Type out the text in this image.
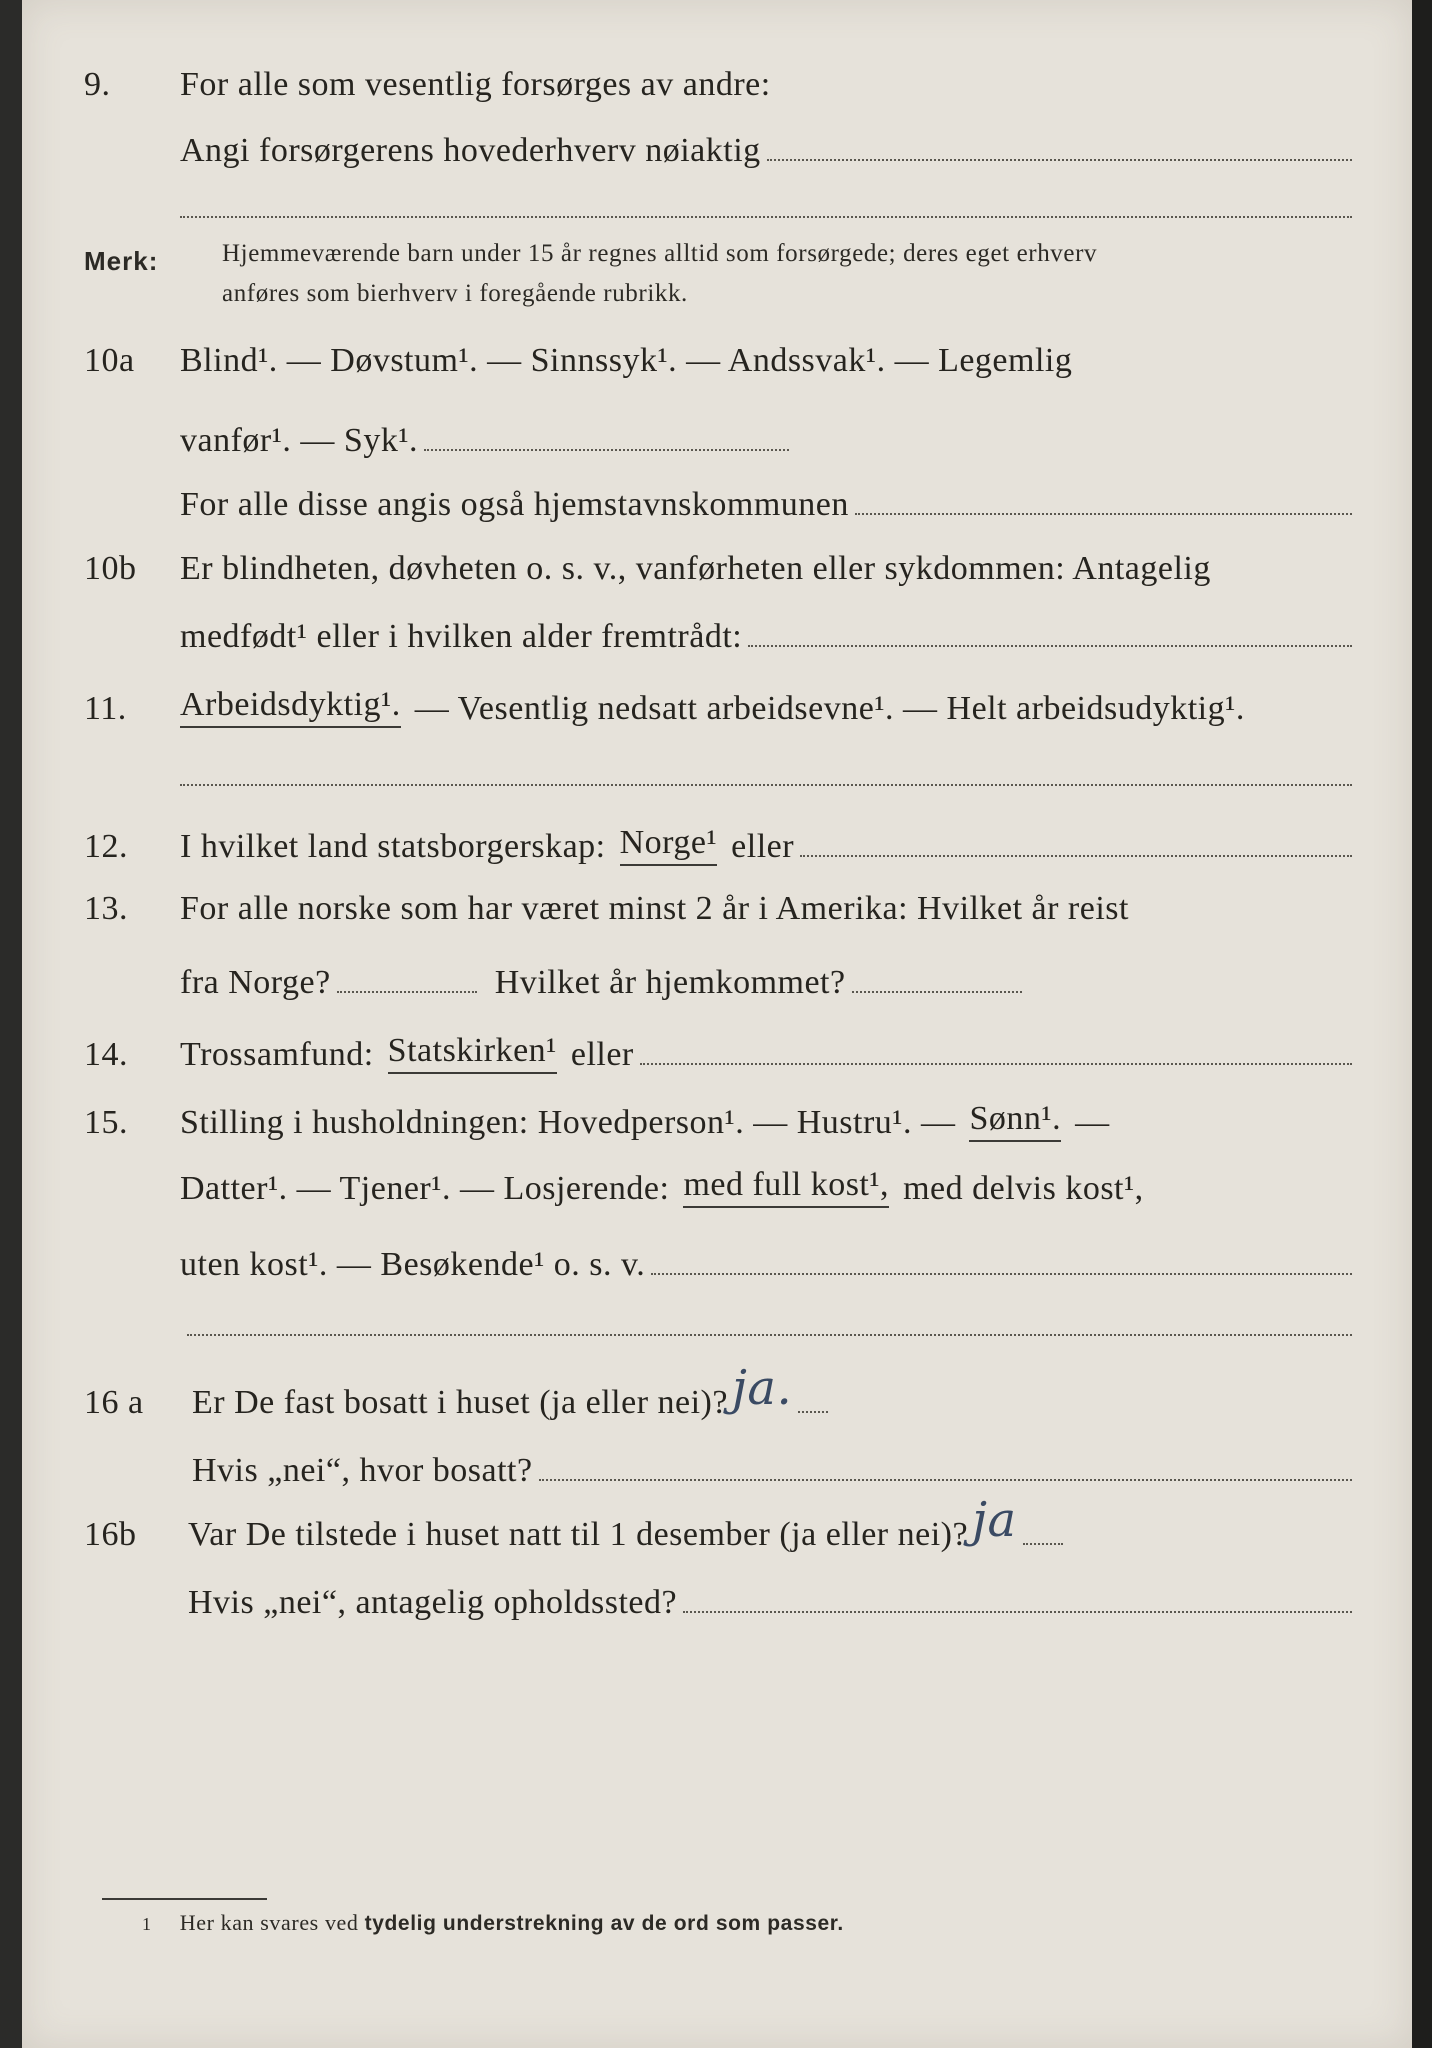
9.	For alle som vesentlig forsørges av andre:
Angi forsørgerens hovederhverv nøiaktig
Merk:	Hjemmeværende barn under 15 år regnes alltid som forsørgede; deres eget erhverv
anføres som bierhverv i foregående rubrikk.
10a	Blind¹. — Døvstum¹. — Sinnssyk¹. — Andssvak¹. — Legemlig
vanfør¹. — Syk¹.
For alle disse angis også hjemstavnskommunen
10b	Er blindheten, døvheten o. s. v., vanførheten eller sykdommen: Antagelig
medfødt¹ eller i hvilken alder fremtrådt:
11.	Arbeidsdyktig¹. — Vesentlig nedsatt arbeidsevne¹. — Helt arbeidsudyktig¹.
12.	I hvilket land statsborgerskap: Norge¹ eller
13.	For alle norske som har været minst 2 år i Amerika: Hvilket år reist
fra Norge?	Hvilket år hjemkommet?
14.	Trossamfund: Statskirken¹ eller
15.	Stilling i husholdningen: Hovedperson¹. — Hustru¹. — Sønn¹. —
Datter¹. — Tjener¹. — Losjerende: med full kost¹, med delvis kost¹,
uten kost¹. — Besøkende¹ o. s. v.
16 a	Er De fast bosatt i huset (ja eller nei)? ja.
Hvis „nei“, hvor bosatt?
16b	Var De tilstede i huset natt til 1 desember (ja eller nei)? ja
Hvis „nei“, antagelig opholdssted?
1 Her kan svares ved tydelig understrekning av de ord som passer.
